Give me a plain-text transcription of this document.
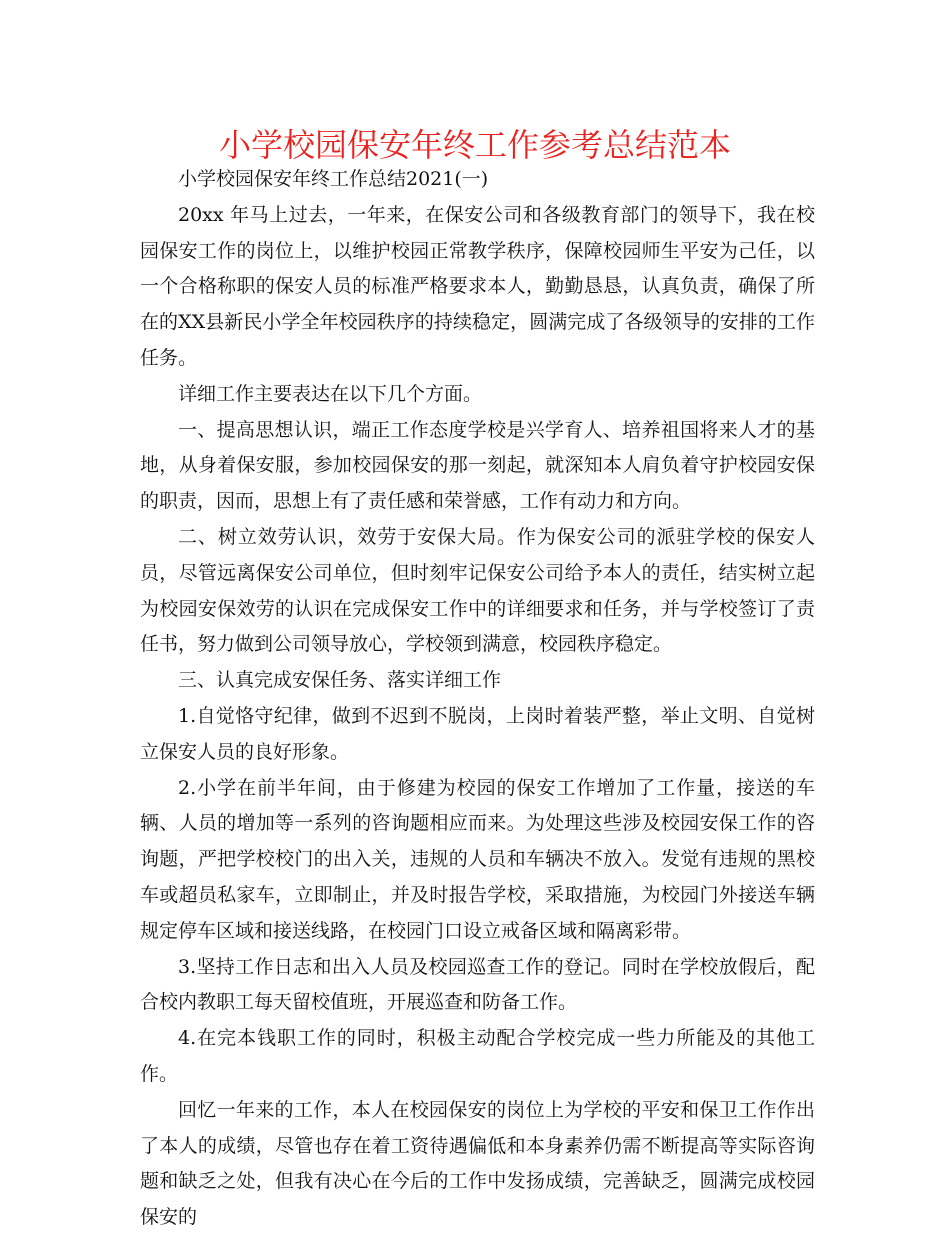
小学校园保安年终工作参考总结范本

小学校园保安年终工作总结2021(一)

20xx 年马上过去，一年来，在保安公司和各级教育部门的领导下，我在校园保安工作的岗位上，以维护校园正常教学秩序，保障校园师生平安为己任，以一个合格称职的保安人员的标准严格要求本人，勤勤恳恳，认真负责，确保了所在的XX县新民小学全年校园秩序的持续稳定，圆满完成了各级领导的安排的工作任务。

详细工作主要表达在以下几个方面。

一、提高思想认识，端正工作态度学校是兴学育人、培养祖国将来人才的基地，从身着保安服，参加校园保安的那一刻起，就深知本人肩负着守护校园安保的职责，因而，思想上有了责任感和荣誉感，工作有动力和方向。

二、树立效劳认识，效劳于安保大局。作为保安公司的派驻学校的保安人员，尽管远离保安公司单位，但时刻牢记保安公司给予本人的责任，结实树立起为校园安保效劳的认识在完成保安工作中的详细要求和任务，并与学校签订了责任书，努力做到公司领导放心，学校领到满意，校园秩序稳定。

三、认真完成安保任务、落实详细工作

1.自觉恪守纪律，做到不迟到不脱岗，上岗时着装严整，举止文明、自觉树立保安人员的良好形象。

2.小学在前半年间，由于修建为校园的保安工作增加了工作量，接送的车辆、人员的增加等一系列的咨询题相应而来。为处理这些涉及校园安保工作的咨询题，严把学校校门的出入关，违规的人员和车辆决不放入。发觉有违规的黑校车或超员私家车，立即制止，并及时报告学校，采取措施，为校园门外接送车辆规定停车区域和接送线路，在校园门口设立戒备区域和隔离彩带。

3.坚持工作日志和出入人员及校园巡查工作的登记。同时在学校放假后，配合校内教职工每天留校值班，开展巡查和防备工作。

4.在完本钱职工作的同时，积极主动配合学校完成一些力所能及的其他工作。

回忆一年来的工作，本人在校园保安的岗位上为学校的平安和保卫工作作出了本人的成绩，尽管也存在着工资待遇偏低和本身素养仍需不断提高等实际咨询题和缺乏之处，但我有决心在今后的工作中发扬成绩，完善缺乏，圆满完成校园保安的
